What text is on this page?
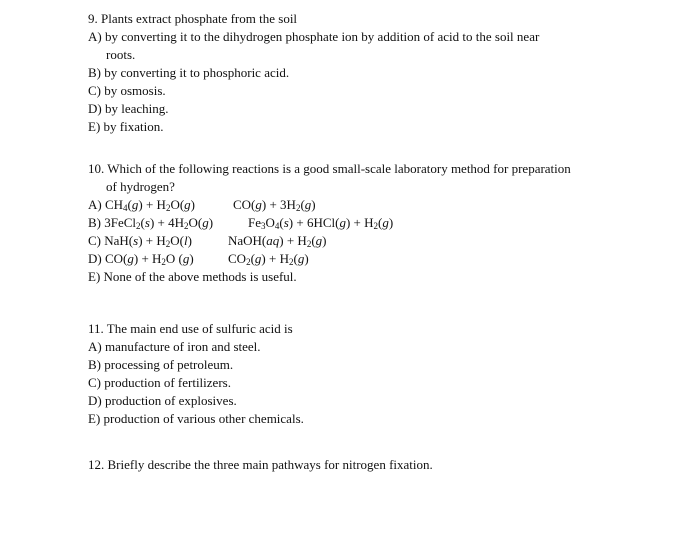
9. Plants extract phosphate from the soil

A) by converting it to the dihydrogen phosphate ion by addition of acid to the soil near
roots.
B) by converting it to phosphoric acid.
C) by osmosis.
D) by leaching.
E) by fixation.

10. Which of the following reactions is a good small-scale laboratory method for preparation

of hydrogen?

A) $CH_4(g) + H_2O(g)$	$CO(g) + 3H_2(g)$
B) 3FeCl$_2$(s) + $4H_2O(g)$	$Fe_3O_4(s) + 6HCl(g) + H_2(g)$
C) $NaH(s) + H_2O(l)$	NaOH(aq) + $H_2(g)$
D) $CO(g) + H_2O$ (g)	$CO_2(g) + H_2(g)$
E) None of the above methods is useful.

11. The main end use of sulfuric acid is

A) manufacture of iron and steel.
B) processing of petroleum.
C) production of fertilizers.
D) production of explosives.
E) production of various other chemicals.

12. Briefly describe the three main pathways for nitrogen fixation.
